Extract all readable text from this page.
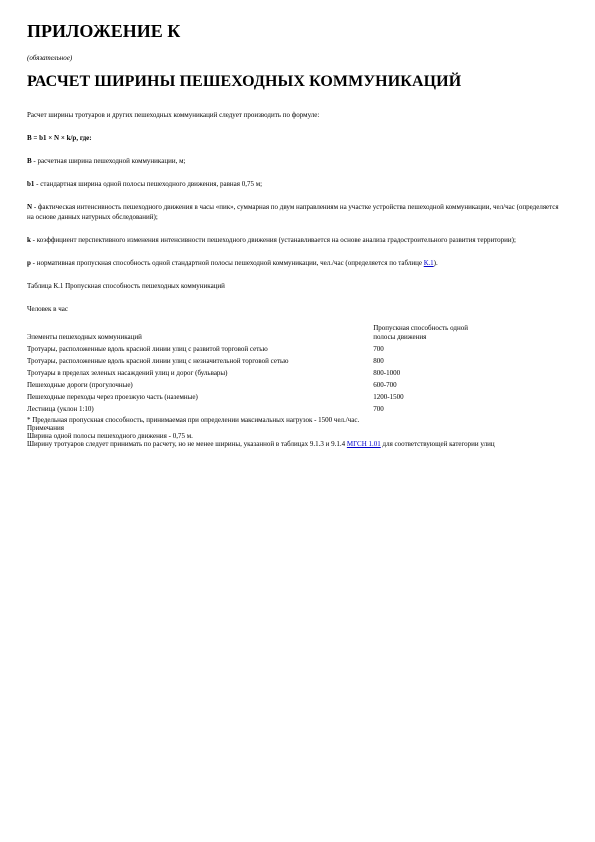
ПРИЛОЖЕНИЕ К
(обязательное)
РАСЧЕТ ШИРИНЫ ПЕШЕХОДНЫХ КОММУНИКАЦИЙ

Расчет ширины тротуаров и других пешеходных коммуникаций следует производить по формуле:

B = b1 × N × k/p, где:

B - расчетная ширина пешеходной коммуникации, м;

b1 - стандартная ширина одной полосы пешеходного движения, равная 0,75 м;

N - фактическая интенсивность пешеходного движения в часы «пик», суммарная по двум направлениям на участке устройства пешеходной коммуникации, чел/час (определяется на основе данных натурных обследований);

k - коэффициент перспективного изменения интенсивности пешеходного движения (устанавливается на основе анализа градостроительного развития территории);

p - нормативная пропускная способность одной стандартной полосы пешеходной коммуникации, чел./час (определяется по таблице К.1).

Таблица К.1 Пропускная способность пешеходных коммуникаций

Человек в час

Элементы пешеходных коммуникаций	Пропускная способность одной полосы движения
Тротуары, расположенные вдоль красной линии улиц с развитой торговой сетью	700
Тротуары, расположенные вдоль красной линии улиц с незначительной торговой сетью	800
Тротуары в пределах зеленых насаждений улиц и дорог (бульвары)	800-1000
Пешеходные дороги (прогулочные)	600-700
Пешеходные переходы через проезжую часть (наземные)	1200-1500
Лестница (уклон 1:10)	700
* Предельная пропускная способность, принимаемая при определении максимальных нагрузок - 1500 чел./час.
Примечания
Ширина одной полосы пешеходного движения - 0,75 м.
Ширину тротуаров следует принимать по расчету, но не менее ширины, указанной в таблицах 9.1.3 и 9.1.4 МГСН 1.01 для соответствующей категории улиц
